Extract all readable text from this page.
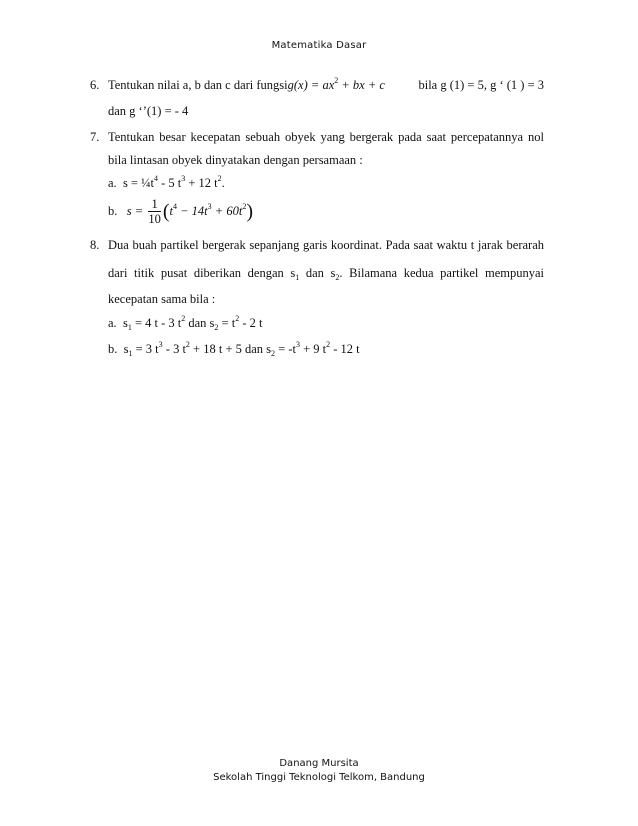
Matematika Dasar
6. Tentukan nilai a, b dan c dari fungsig(x) = $ax^2$ + bx + c	bila g (1) = 5, g ‘ (1 ) = 3
dan g ‘’(1) = - 4
7. Tentukan besar kecepatan sebuah obyek yang bergerak pada saat percepatannya nol
bila lintasan obyek dinyatakan dengan persamaan :
a. $s = \frac{1}{4}t^4 - 5$ $t^3 + 12$ $t^2$.
b. $s = \frac{1}{10} (t^4 - 14t^3 + 60t^2)$
8. Dua buah partikel bergerak sepanjang garis koordinat. Pada saat waktu t jarak berarah
dari titik pusat diberikan dengan $s_1$ dan $s_2$. Bilamana kedua partikel mempunyai
kecepatan sama bila :
a. $s_1 = 4$ t - 3 $t^2$ dan $s_2 = t^2 - 2$ t
b. $s_1 = 3$ $t^3 - 3$ $t^2 + 18$ t + 5 dan $s_2 = -t^3 + 9$ $t^2 - 12$ t
Danang Mursita
Sekolah Tinggi Teknologi Telkom, Bandung
